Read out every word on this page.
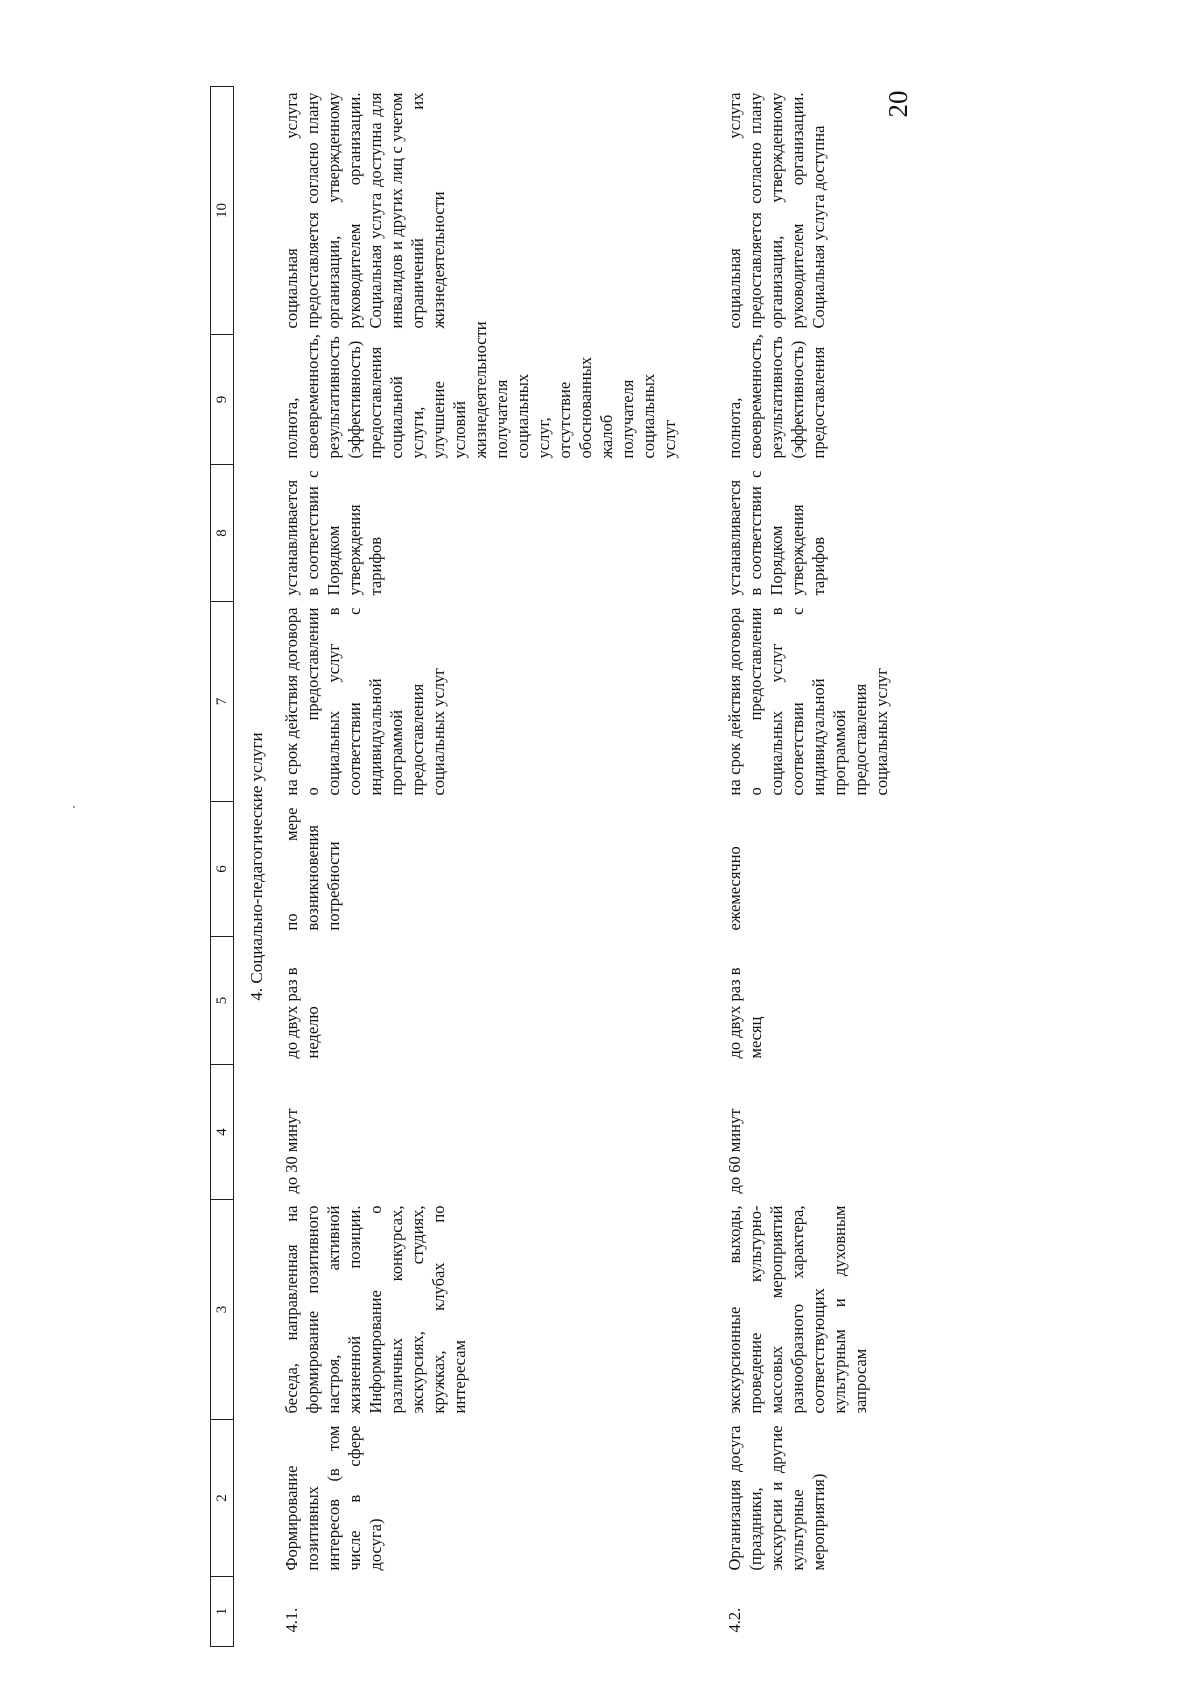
20
1	2	3	4	5	6	7	8	9	10
4. Социально-педагогические услуги									
4.1.	Формирование позитивных интересов (в том числе в сфере досуга)	беседа, направленная на формирование позитивного настроя, активной жизненной позиции. Информирование о различных конкурсах, экскурсиях, студиях, кружках, клубах по интересам	до 30 минут	до двух раз в неделю	по мере возникновения потребности	на срок действия договора о предоставлении социальных услуг в соответствии с индивидуальной программой предоставления социальных услуг	устанавливается в соответствии с Порядком утверждения тарифов	полнота, своевременность, результативность (эффективность) предоставления социальной услуги, улучшение условий жизнедеятельности получателя социальных услуг, отсутствие обоснованных жалоб получателя социальных услуг	социальная услуга предоставляется согласно плану организации, утвержденному руководителем организации. Социальная услуга доступна для инвалидов и других лиц с учетом ограничений их жизнедеятельности
4.2.	Организация досуга (праздники, экскурсии и другие культурные мероприятия)	экскурсионные выходы, проведение культурно-массовых мероприятий разнообразного характера, соответствующих культурным и духовным запросам	до 60 минут	до двух раз в месяц	ежемесячно	на срок действия договора о предоставлении социальных услуг в соответствии с индивидуальной программой предоставления социальных услуг	устанавливается в соответствии с Порядком утверждения тарифов	полнота, своевременность, результативность (эффективность) предоставления	социальная услуга предоставляется согласно плану организации, утвержденному руководителем организации. Социальная услуга доступна
